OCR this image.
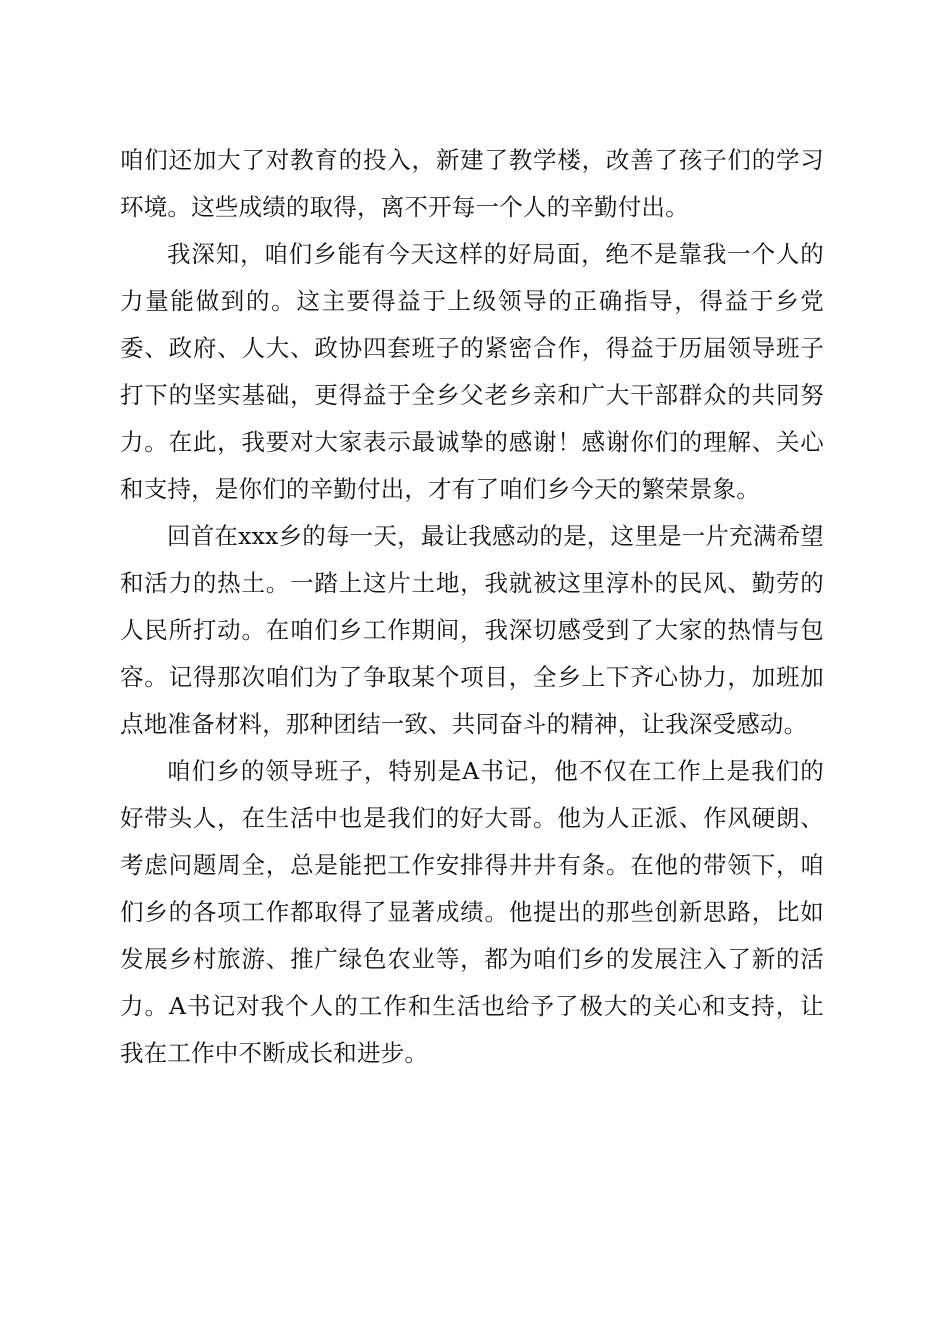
咱们还加大了对教育的投入，新建了教学楼，改善了孩子们的学习环境。这些成绩的取得，离不开每一个人的辛勤付出。

我深知，咱们乡能有今天这样的好局面，绝不是靠我一个人的力量能做到的。这主要得益于上级领导的正确指导，得益于乡党委、政府、人大、政协四套班子的紧密合作，得益于历届领导班子打下的坚实基础，更得益于全乡父老乡亲和广大干部群众的共同努力。在此，我要对大家表示最诚挚的感谢！感谢你们的理解、关心和支持，是你们的辛勤付出，才有了咱们乡今天的繁荣景象。

回首在xxx乡的每一天，最让我感动的是，这里是一片充满希望和活力的热土。一踏上这片土地，我就被这里淳朴的民风、勤劳的人民所打动。在咱们乡工作期间，我深切感受到了大家的热情与包容。记得那次咱们为了争取某个项目，全乡上下齐心协力，加班加点地准备材料，那种团结一致、共同奋斗的精神，让我深受感动。

咱们乡的领导班子，特别是A书记，他不仅在工作上是我们的好带头人，在生活中也是我们的好大哥。他为人正派、作风硬朗、考虑问题周全，总是能把工作安排得井井有条。在他的带领下，咱们乡的各项工作都取得了显著成绩。他提出的那些创新思路，比如发展乡村旅游、推广绿色农业等，都为咱们乡的发展注入了新的活力。A书记对我个人的工作和生活也给予了极大的关心和支持，让我在工作中不断成长和进步。
